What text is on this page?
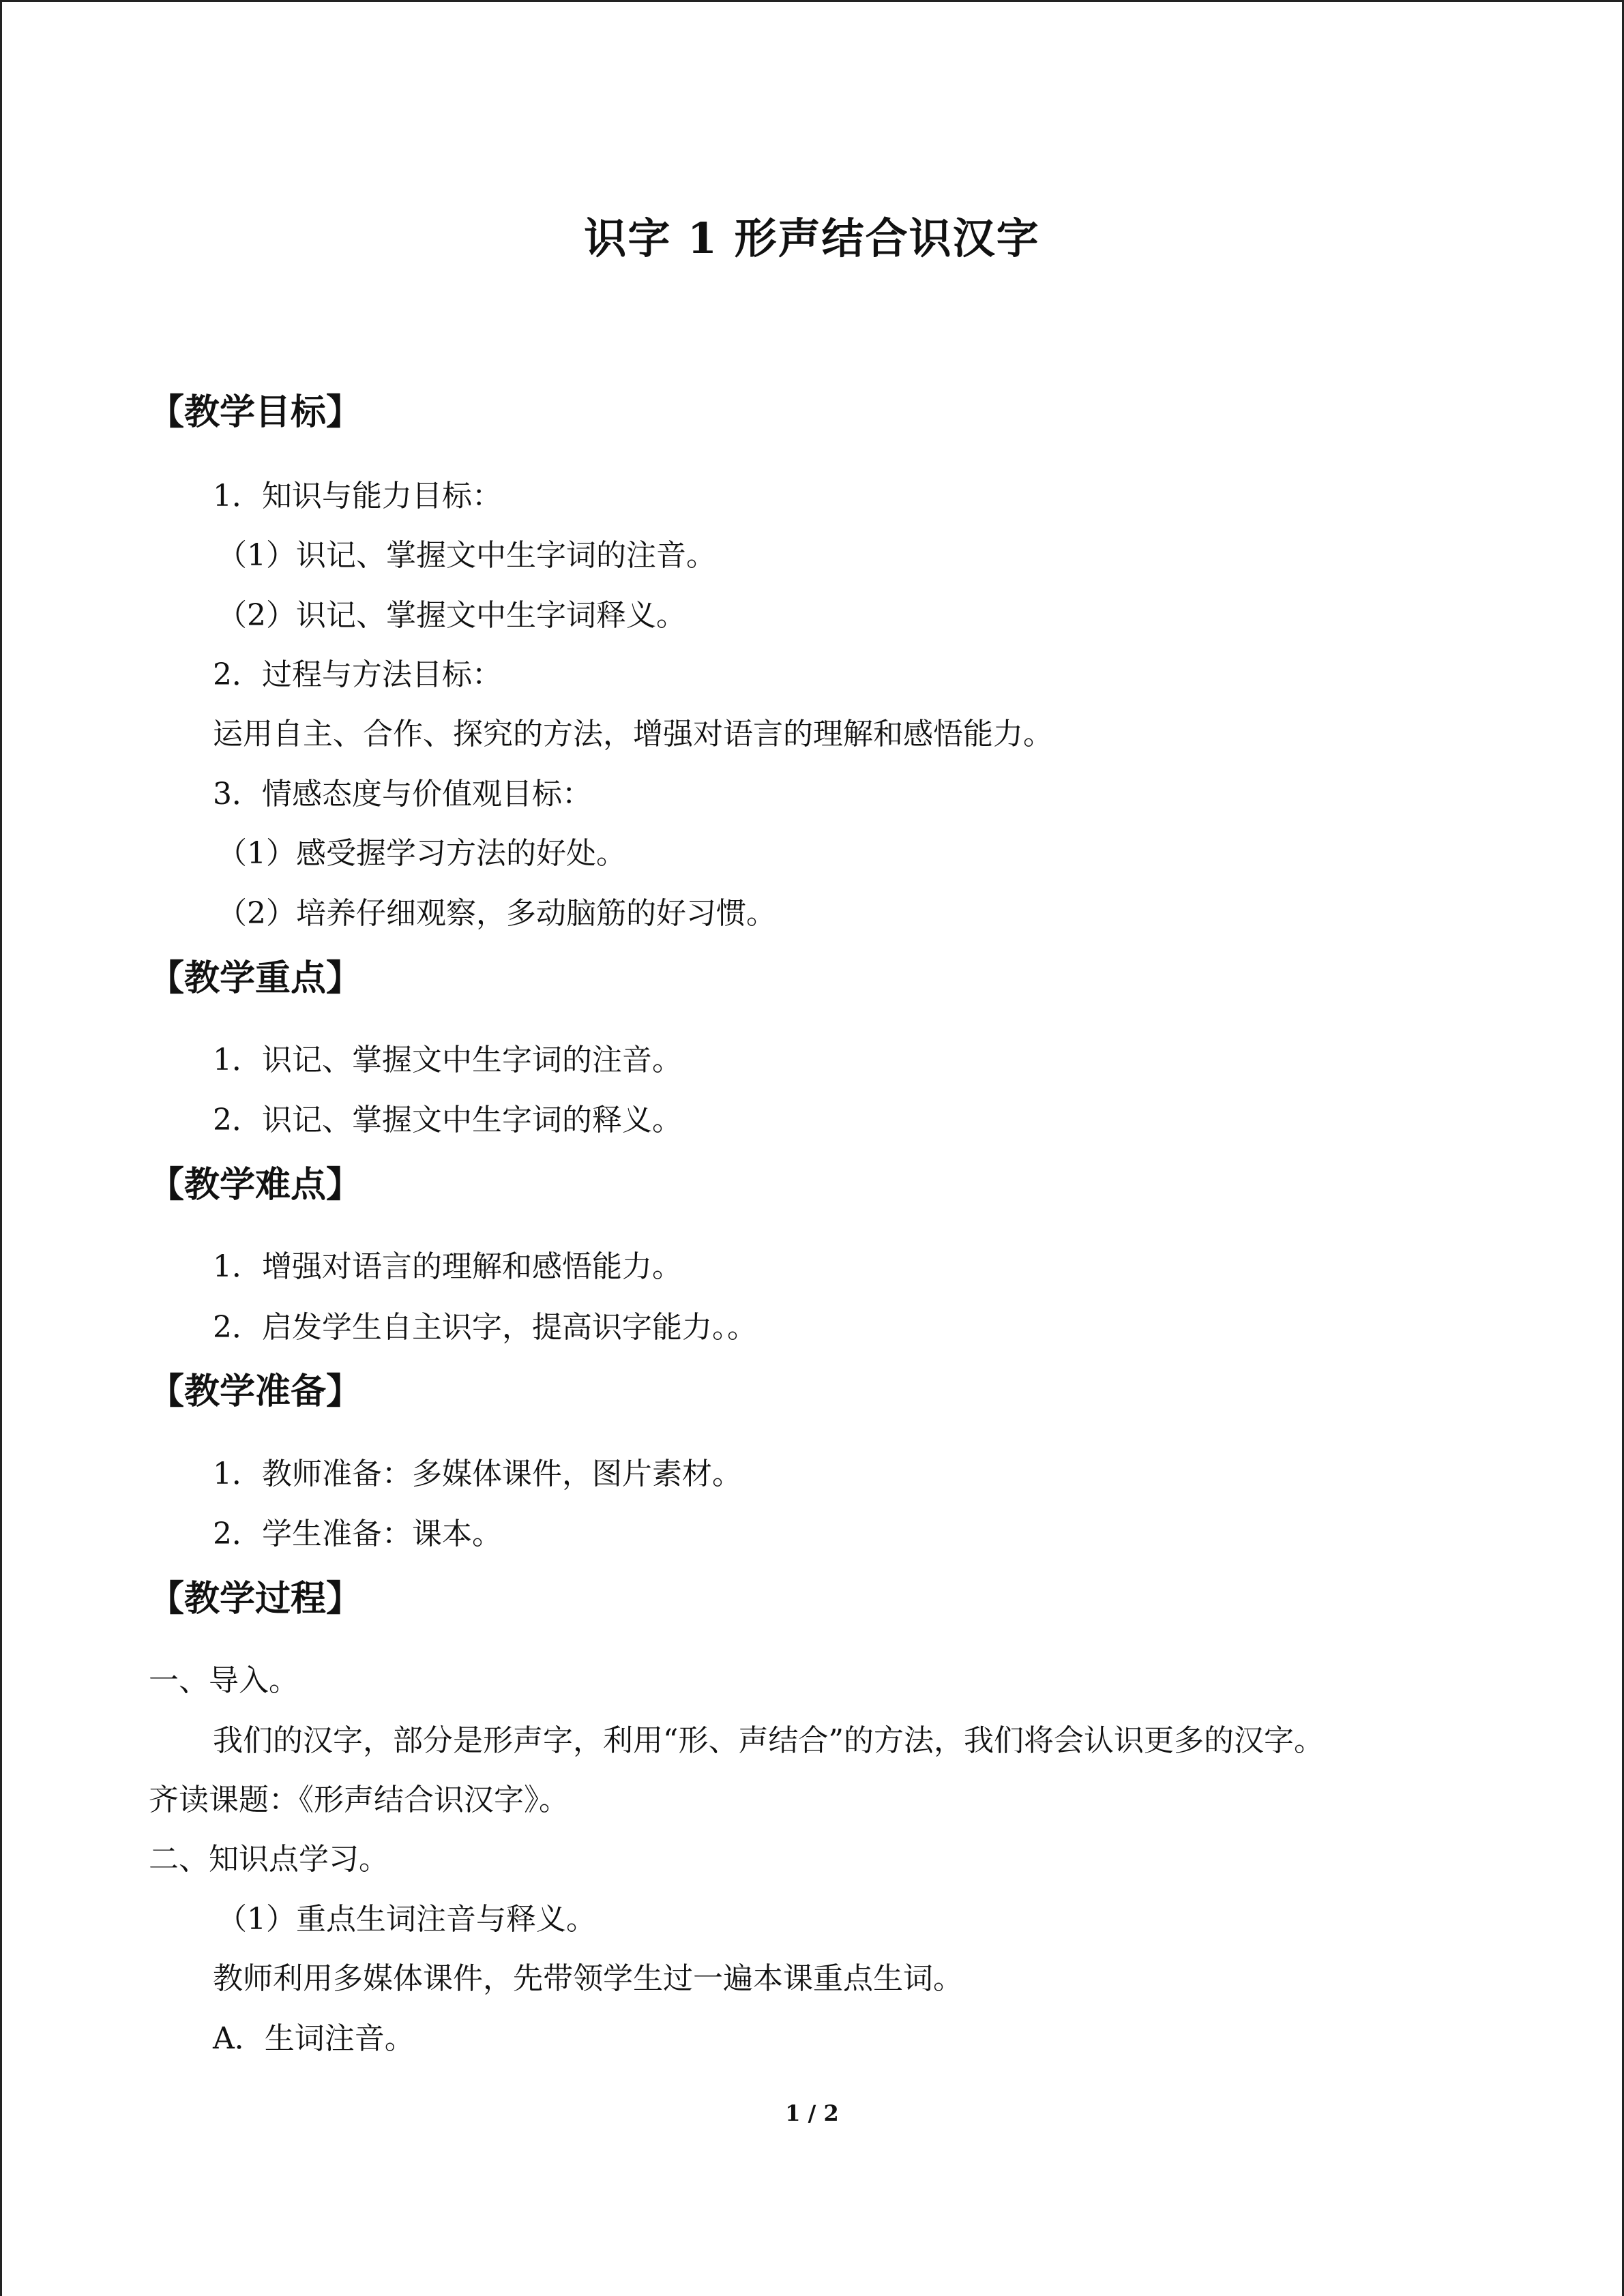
识字 1 形声结合识汉字
【教学目标】
1．知识与能力目标：
（1）识记、掌握文中生字词的注音。
（2）识记、掌握文中生字词释义。
2．过程与方法目标：
运用自主、合作、探究的方法，增强对语言的理解和感悟能力。
3．情感态度与价值观目标：
（1）感受握学习方法的好处。
（2）培养仔细观察，多动脑筋的好习惯。
【教学重点】
1．识记、掌握文中生字词的注音。
2．识记、掌握文中生字词的释义。
【教学难点】
1．增强对语言的理解和感悟能力。
2．启发学生自主识字，提高识字能力。。
【教学准备】
1．教师准备：多媒体课件，图片素材。
2．学生准备：课本。
【教学过程】
一、导入。
我们的汉字，部分是形声字，利用“形、声结合”的方法，我们将会认识更多的汉字。
齐读课题：《形声结合识汉字》。
二、知识点学习。
（1）重点生词注音与释义。
教师利用多媒体课件，先带领学生过一遍本课重点生词。
A．生词注音。
1 / 2
